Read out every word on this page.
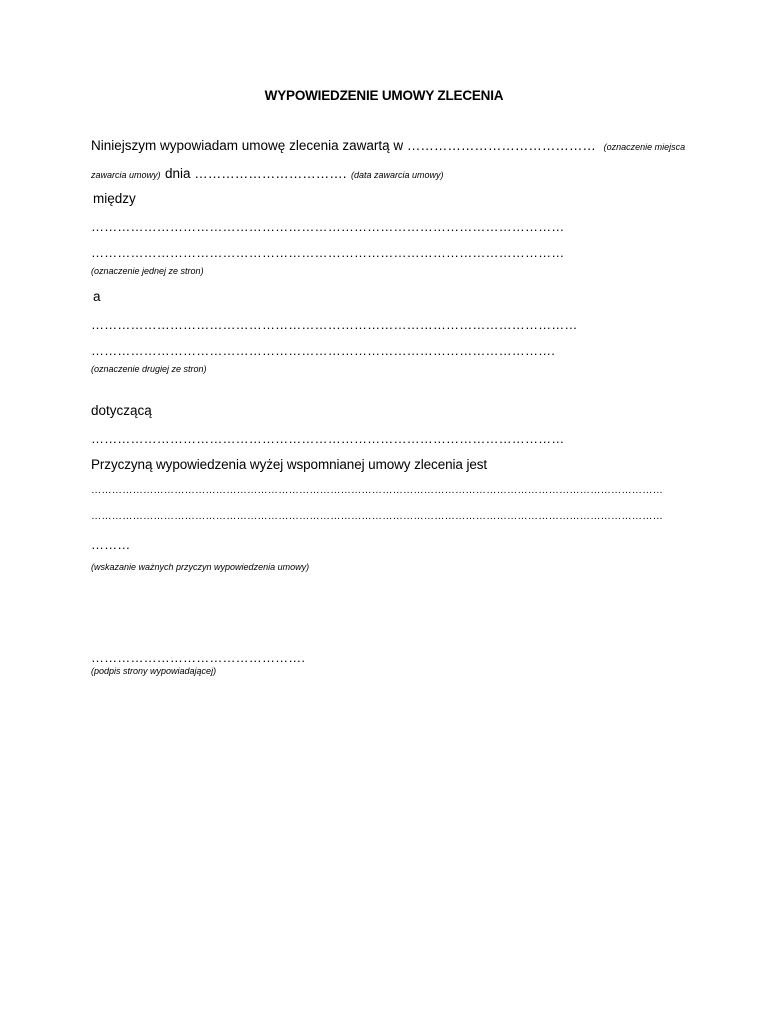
WYPOWIEDZENIE UMOWY ZLECENIA
Niniejszym wypowiadam umowę zlecenia zawartą w …………………………………… (oznaczenie miejsca
zawarcia umowy) dnia ……………………………. (data zawarcia umowy)
między
………………………………………………………………………………………………
………………………………………………………………………………………………
(oznaczenie jednej ze stron)
a
…………………………………………………………………………………………………
…………………………………………………………………………………………….
(oznaczenie drugiej ze stron)
dotyczącą
………………………………………………………………………………………………
Przyczyną wypowiedzenia wyżej wspomnianej umowy zlecenia jest
…………………………………………………………………………………………………………………………………………………
…………………………………………………………………………………………………………………………………………………
………
(wskazanie ważnych przyczyn wypowiedzenia umowy)
………………………………………….
(podpis strony wypowiadającej)
